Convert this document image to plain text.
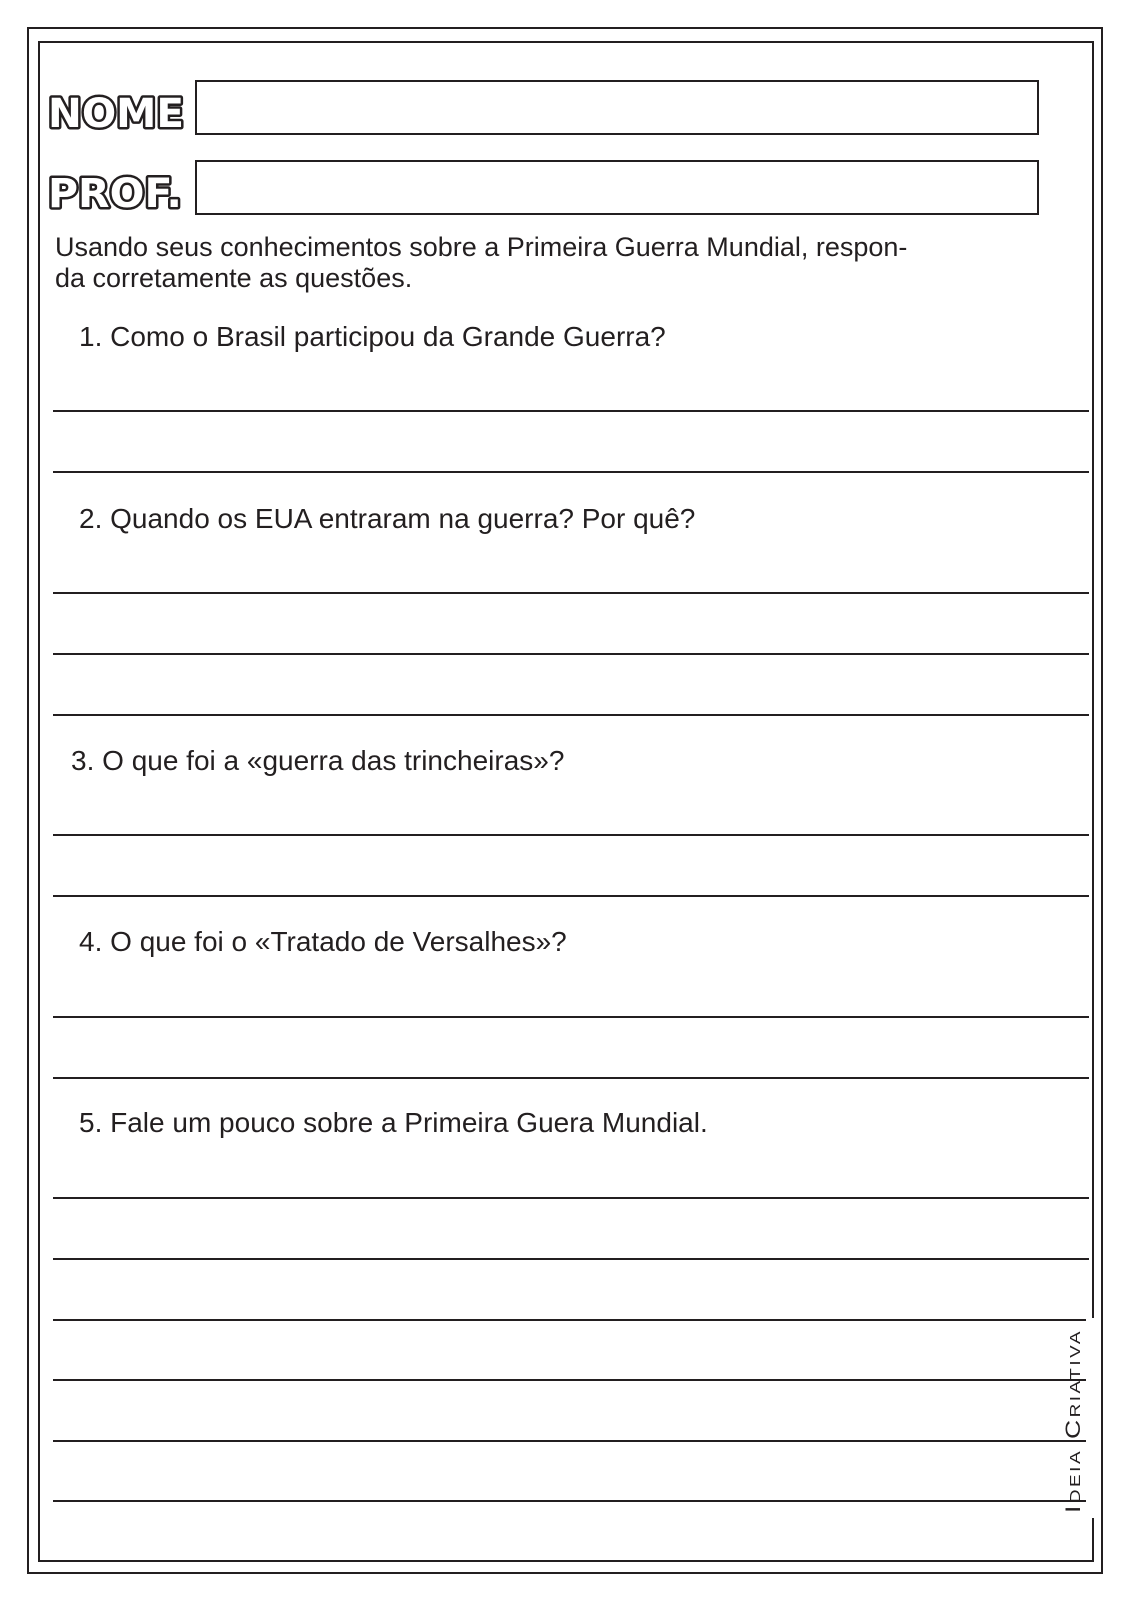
NOME
PROF.

Usando seus conhecimentos sobre a Primeira Guerra Mundial, respon-
da corretamente as questões.

1. Como o Brasil participou da Grande Guerra?

2. Quando os EUA entraram na guerra? Por quê?

3. O que foi a «guerra das trincheiras»?

4. O que foi o «Tratado de Versalhes»?

5. Fale um pouco sobre a Primeira Guera Mundial.

Ideia Criativa
